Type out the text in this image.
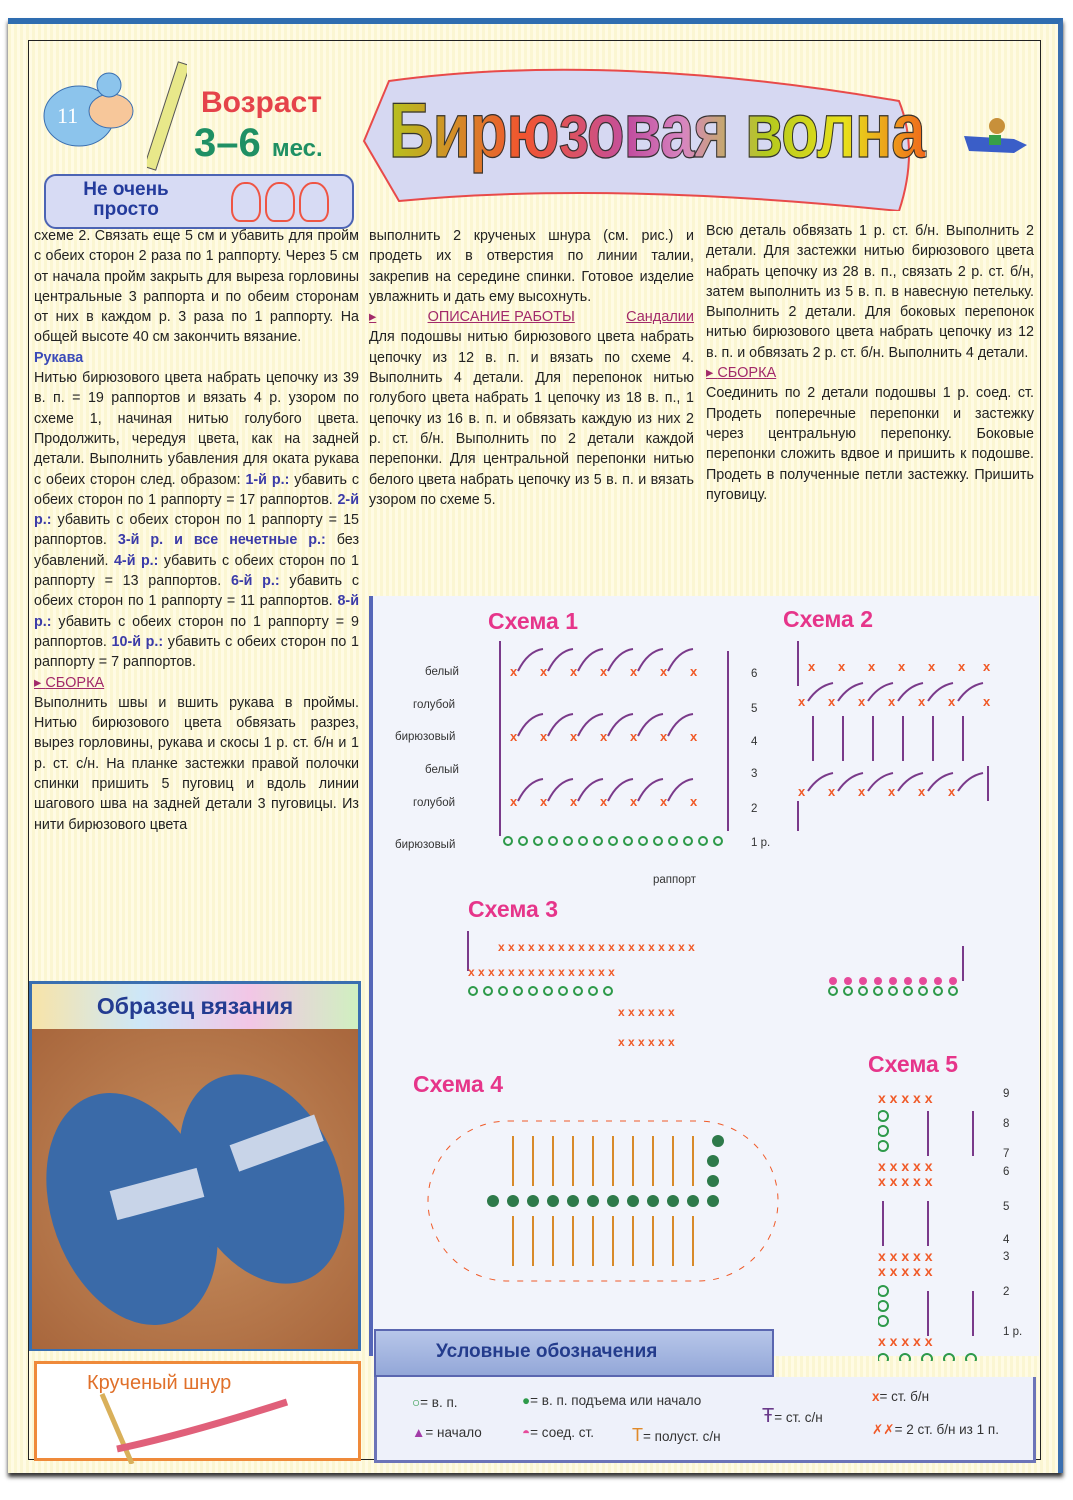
11	Возраст
3–6 мес.
Не очень просто
Бирюзовая волна

схеме 2. Связать еще 5 см и убавить для пройм с обеих сторон 2 раза по 1 раппорту. Через 5 см от начала пройм закрыть для выреза горловины центральные 3 раппорта и по обеим сторонам от них в каждом р. 3 раза по 1 раппорту. На общей высоте 40 см закончить вязание.

Рукава

Нитью бирюзового цвета набрать цепочку из 39 в. п. = 19 раппортов и вязать 4 р. узором по схеме 1, начиная нитью голубого цвета. Продолжить, чередуя цвета, как на задней детали. Выполнить убавления для оката рукава с обеих сторон след. образом: 1-й р.: убавить с обеих сторон по 1 раппорту = 17 раппортов. 2-й р.: убавить с обеих сторон по 1 раппорту = 15 раппортов. 3-й р. и все нечетные р.: без убавлений. 4-й р.: убавить с обеих сторон по 1 раппорту = 13 раппортов. 6-й р.: убавить с обеих сторон по 1 раппорту = 11 раппортов. 8-й р.: убавить с обеих сторон по 1 раппорту = 9 раппортов. 10-й р.: убавить с обеих сторон по 1 раппорту = 7 раппортов.

▸ СБОРКА

Выполнить швы и вшить рукава в проймы. Нитью бирюзового цвета обвязать разрез, вырез горловины, рукава и скосы 1 р. ст. б/н и 1 р. ст. с/н. На планке застежки правой полочки спинки пришить 5 пуговиц и вдоль линии шагового шва на задней детали 3 пуговицы. Из нити бирюзового цвета

выполнить 2 крученых шнура (см. рис.) и продеть их в отверстия по линии талии, закрепив на середине спинки. Готовое изделие увлажнить и дать ему высохнуть.

▸ ОПИСАНИЕ РАБОТЫ	Сандалии

Для подошвы нитью бирюзового цвета набрать цепочку из 12 в. п. и вязать по схеме 4. Выполнить 4 детали. Для перепонок нитью голубого цвета набрать 1 цепочку из 18 в. п., 1 цепочку из 16 в. п. и обвязать каждую из них 2 р. ст. б/н. Выполнить по 2 детали каждой перепонки. Для центральной перепонки нитью белого цвета набрать цепочку из 5 в. п. и вязать узором по схеме 5.

Всю деталь обвязать 1 р. ст. б/н. Выполнить 2 детали. Для застежки нитью бирюзового цвета набрать цепочку из 28 в. п., связать 2 р. ст. б/н, затем выполнить из 5 в. п. в навесную петельку. Выполнить 2 детали. Для боковых перепонок нитью бирюзового цвета набрать цепочку из 12 в. п. и обвязать 2 р. ст. б/н. Выполнить 4 детали.

▸ СБОРКА

Соединить по 2 детали подошвы 1 р. соед. ст. Продеть поперечные перепонки и застежку через центральную перепонку. Боковые перепонки сложить вдвое и пришить к подошве. Продеть в полученные петли застежку. Пришить пуговицу.

Схема 1
белый
голубой
бирюзовый
белый
голубой
бирюзовый
x x x x x x x
x x x x x x x
x x x x x x x
6
5
4
3
2
1 р.
раппорт
Схема 2
x x x x x x x
x x x x x x x
x x x x x x
Схема 3
x x x x x x x x x x x x x x x x x x x x
x x x x x x x x x x x x x x x
x x x x x x
x x x x x x
Схема 4
Схема 5
x x x x x
x x x x x
x x x x x
x x x x x
x x x x x
x x x x x
9
8
7
6
5
4
3
2
1 р.
Условные обозначения
○= в. п.	●= в. п. подъема или начало
Ŧ= ст. с/н
x= ст. б/н
▲= начало	◓= соед. ст. T= полуст. с/н	✗✗= 2 ст. б/н из 1 п.
Образец вязания
Крученый шнур
